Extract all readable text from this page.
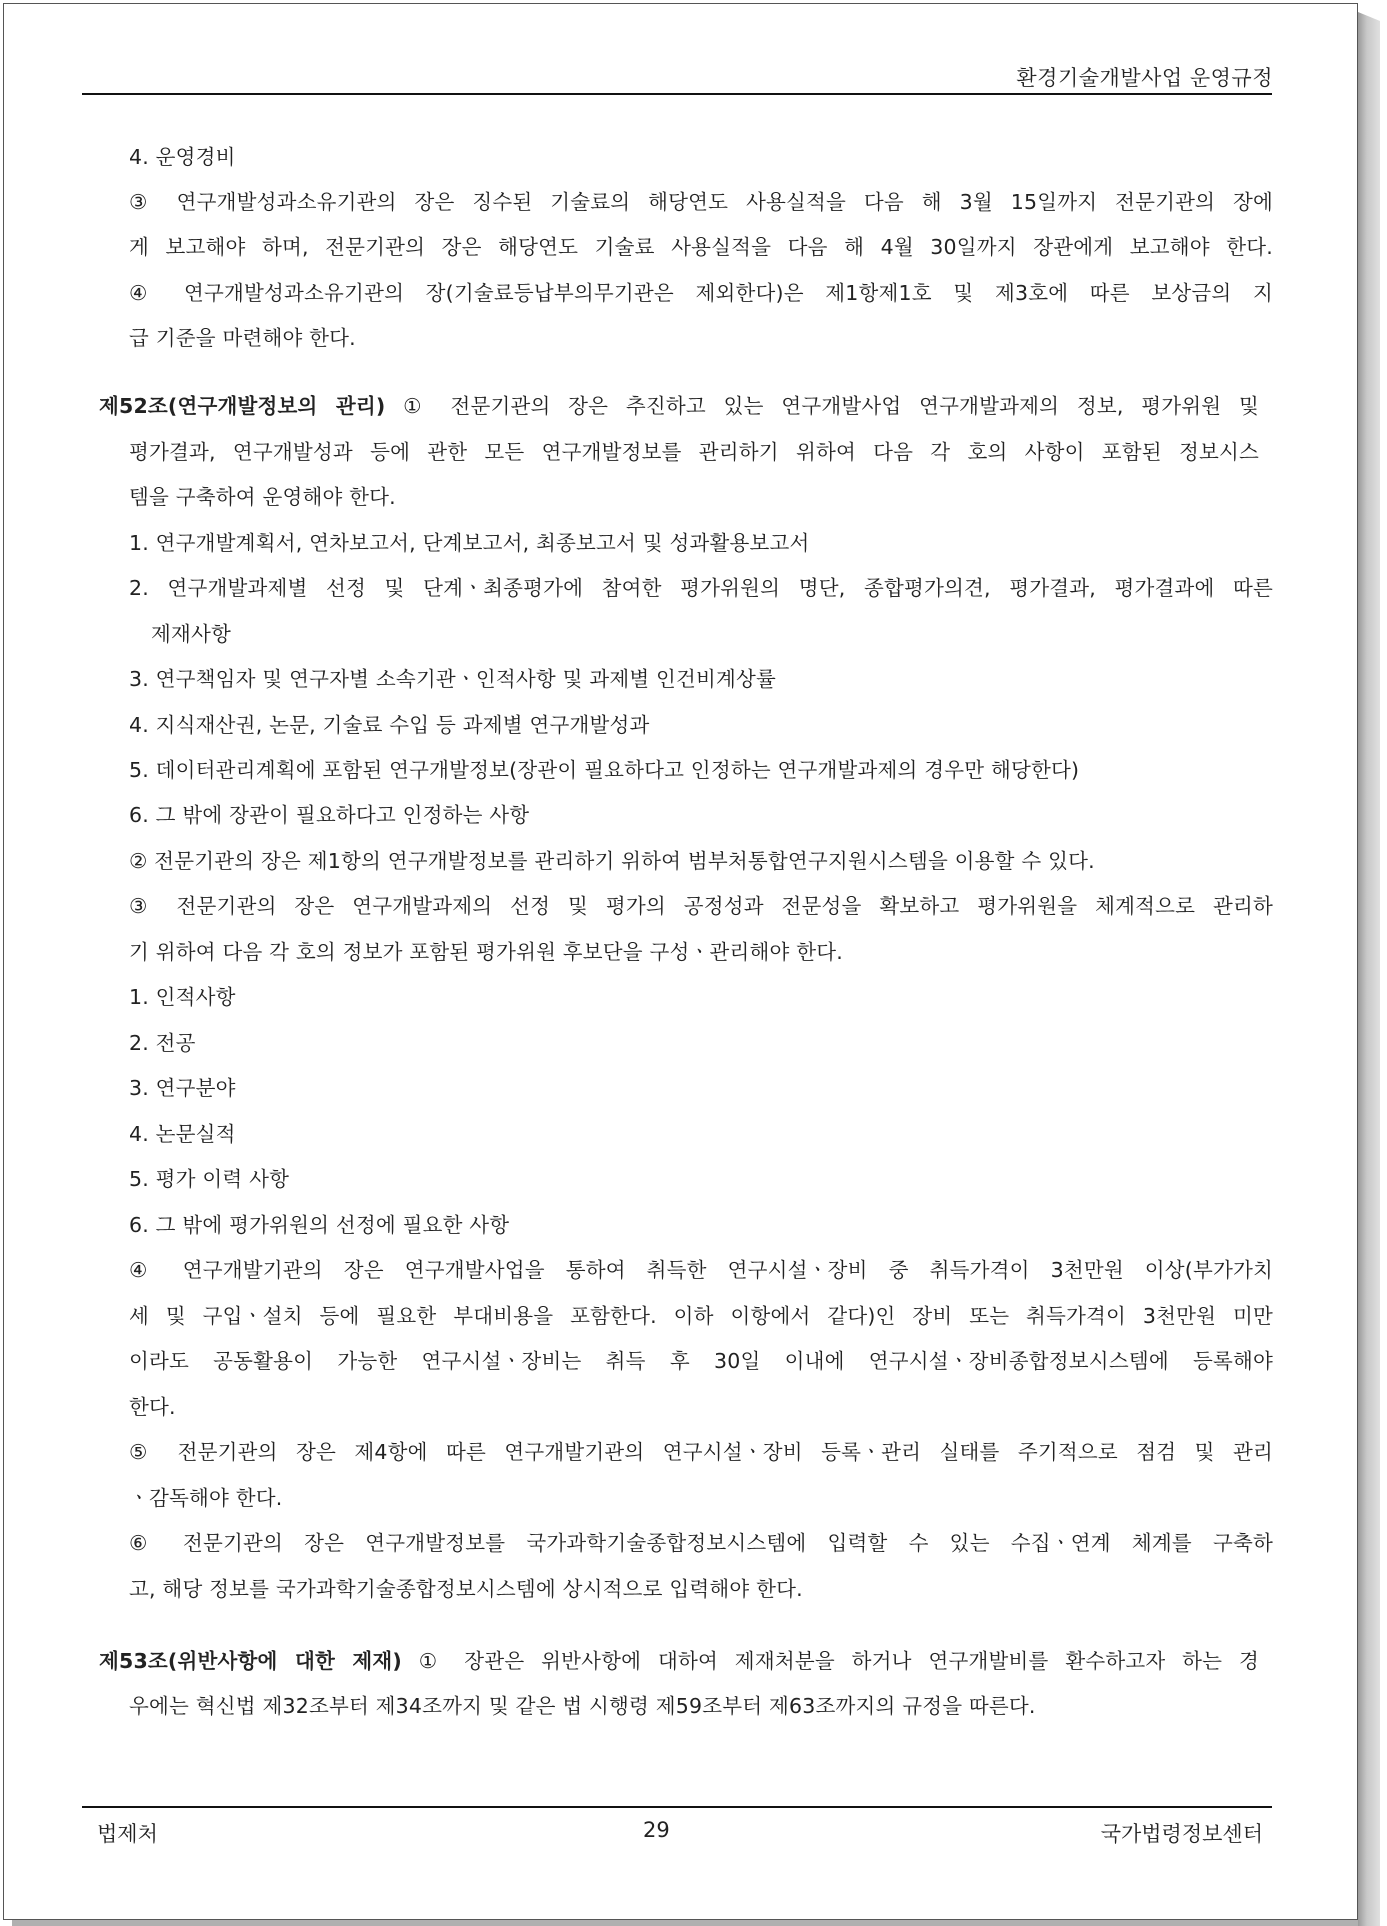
환경기술개발사업 운영규정
4. 운영경비
③ 연구개발성과소유기관의 장은 징수된 기술료의 해당연도 사용실적을 다음 해 3월 15일까지 전문기관의 장에
게 보고해야 하며, 전문기관의 장은 해당연도 기술료 사용실적을 다음 해 4월 30일까지 장관에게 보고해야 한다.
④ 연구개발성과소유기관의 장(기술료등납부의무기관은 제외한다)은 제1항제1호 및 제3호에 따른 보상금의 지
급 기준을 마련해야 한다.
제52조(연구개발정보의 관리) ① 전문기관의 장은 추진하고 있는 연구개발사업 연구개발과제의 정보, 평가위원 및
평가결과, 연구개발성과 등에 관한 모든 연구개발정보를 관리하기 위하여 다음 각 호의 사항이 포함된 정보시스
템을 구축하여 운영해야 한다.
1. 연구개발계획서, 연차보고서, 단계보고서, 최종보고서 및 성과활용보고서
2. 연구개발과제별 선정 및 단계ㆍ최종평가에 참여한 평가위원의 명단, 종합평가의견, 평가결과, 평가결과에 따른
제재사항
3. 연구책임자 및 연구자별 소속기관ㆍ인적사항 및 과제별 인건비계상률
4. 지식재산권, 논문, 기술료 수입 등 과제별 연구개발성과
5. 데이터관리계획에 포함된 연구개발정보(장관이 필요하다고 인정하는 연구개발과제의 경우만 해당한다)
6. 그 밖에 장관이 필요하다고 인정하는 사항
② 전문기관의 장은 제1항의 연구개발정보를 관리하기 위하여 범부처통합연구지원시스템을 이용할 수 있다.
③ 전문기관의 장은 연구개발과제의 선정 및 평가의 공정성과 전문성을 확보하고 평가위원을 체계적으로 관리하
기 위하여 다음 각 호의 정보가 포함된 평가위원 후보단을 구성ㆍ관리해야 한다.
1. 인적사항
2. 전공
3. 연구분야
4. 논문실적
5. 평가 이력 사항
6. 그 밖에 평가위원의 선정에 필요한 사항
④ 연구개발기관의 장은 연구개발사업을 통하여 취득한 연구시설ㆍ장비 중 취득가격이 3천만원 이상(부가가치
세 및 구입ㆍ설치 등에 필요한 부대비용을 포함한다. 이하 이항에서 같다)인 장비 또는 취득가격이 3천만원 미만
이라도 공동활용이 가능한 연구시설ㆍ장비는 취득 후 30일 이내에 연구시설ㆍ장비종합정보시스템에 등록해야
한다.
⑤ 전문기관의 장은 제4항에 따른 연구개발기관의 연구시설ㆍ장비 등록ㆍ관리 실태를 주기적으로 점검 및 관리
ㆍ감독해야 한다.
⑥ 전문기관의 장은 연구개발정보를 국가과학기술종합정보시스템에 입력할 수 있는 수집ㆍ연계 체계를 구축하
고, 해당 정보를 국가과학기술종합정보시스템에 상시적으로 입력해야 한다.
제53조(위반사항에 대한 제재) ① 장관은 위반사항에 대하여 제재처분을 하거나 연구개발비를 환수하고자 하는 경
우에는 혁신법 제32조부터 제34조까지 및 같은 법 시행령 제59조부터 제63조까지의 규정을 따른다.
법제처	29	국가법령정보센터
